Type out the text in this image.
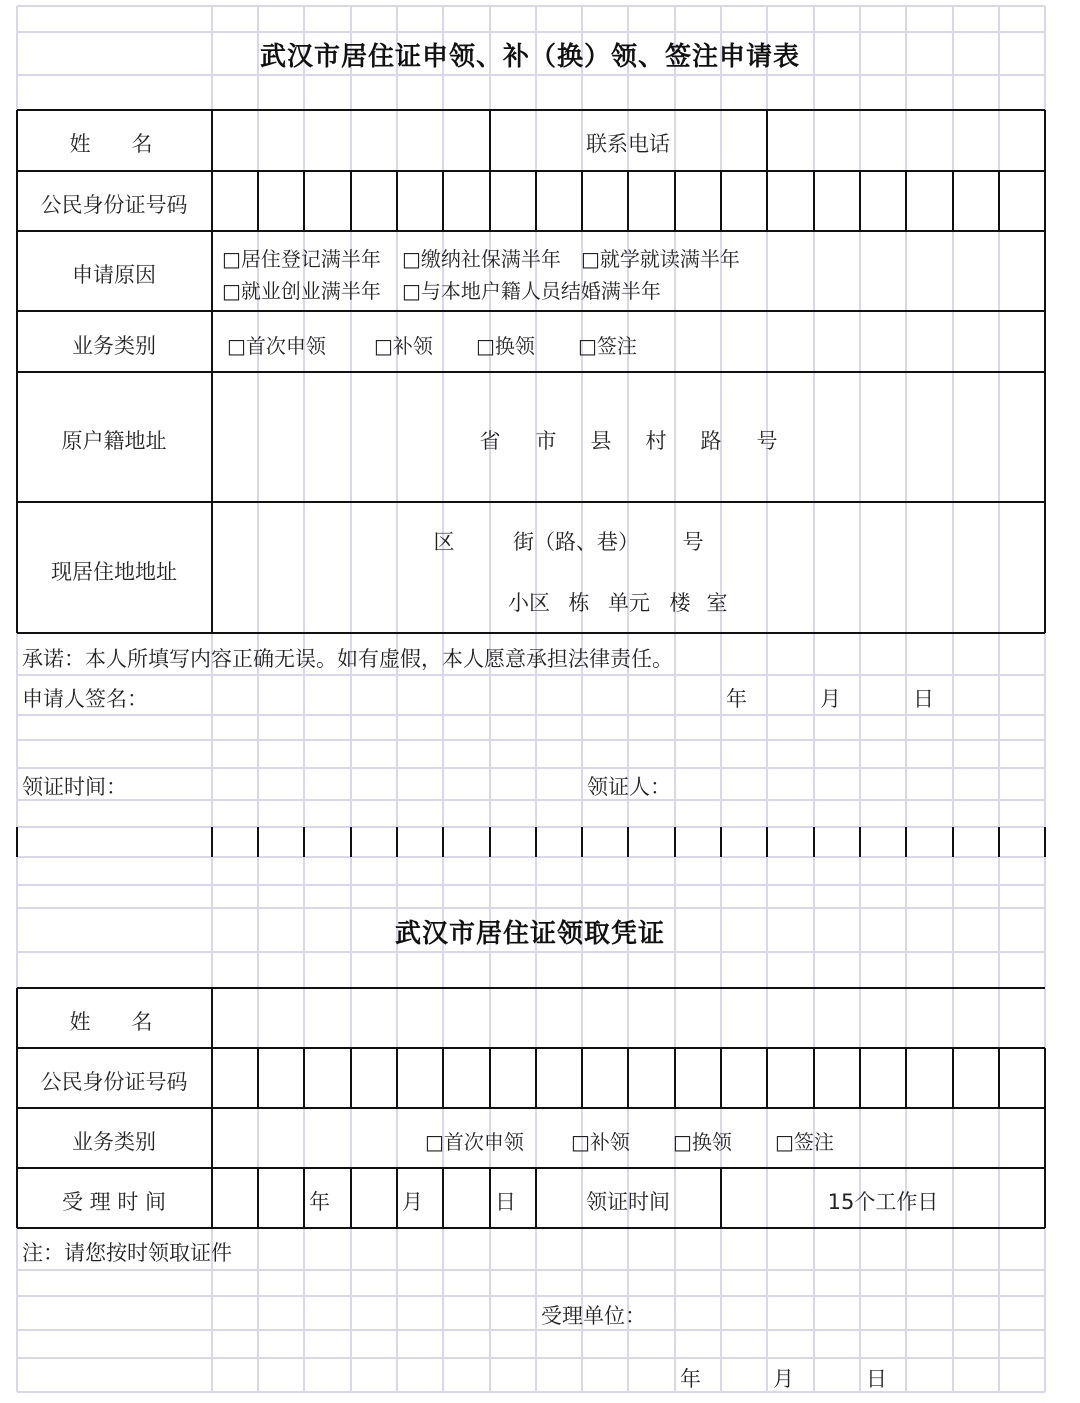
武汉市居住证申领、补（换）领、签注申请表
姓　名	联系电话
公民身份证号码
申请原因
□居住登记满半年 □缴纳社保满半年 □就学就读满半年
□就业创业满半年 □与本地户籍人员结婚满半年
业务类别	□首次申领 □补领 □换领 □签注
原户籍地址	省 市 县 村 路 号
现居住地地址
区	街（路、巷） 号
小区 栋 单元 楼 室
承诺：本人所填写内容正确无误。如有虚假，本人愿意承担法律责任。
申请人签名：	年	月	日
领证时间：	领证人：
武汉市居住证领取凭证
姓　名
公民身份证号码
业务类别	□首次申领 □补领 □换领 □签注
受 理 时 间	年	月	日	领证时间	15个工作日
注：请您按时领取证件
受理单位：
年	月	日
